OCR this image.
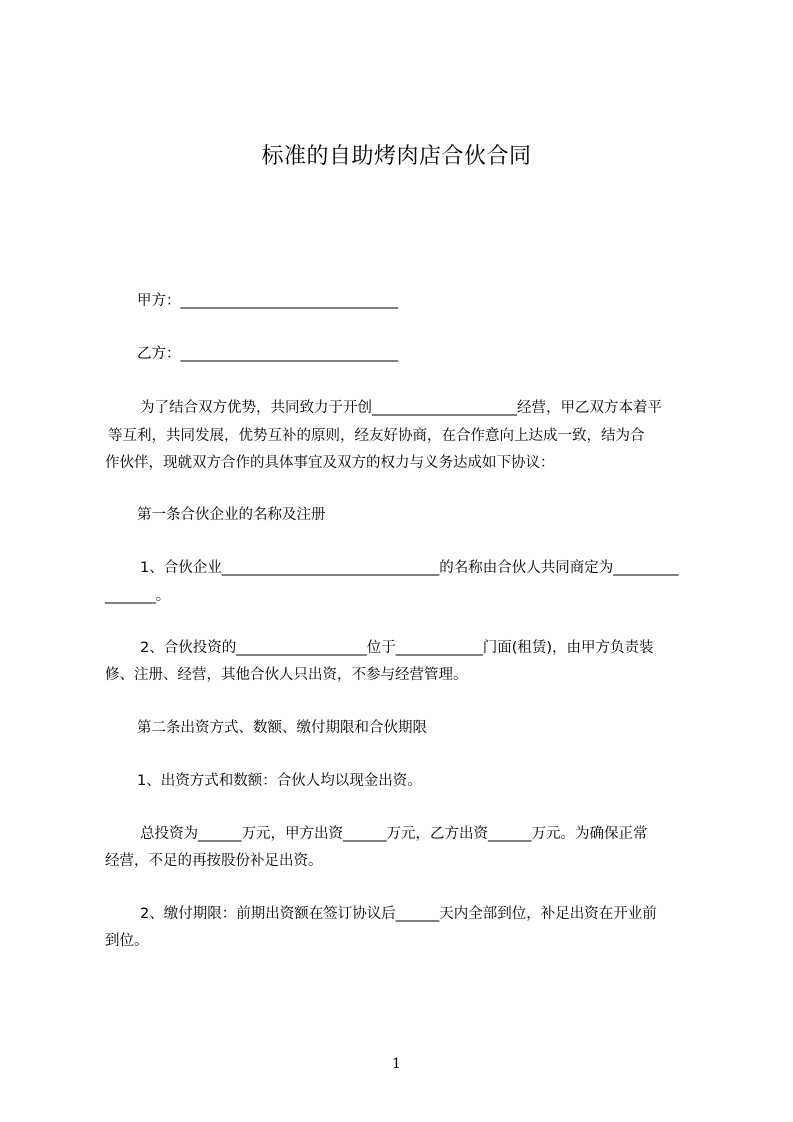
标准的自助烤肉店合伙合同
甲方：______________________________
乙方：______________________________
为了结合双方优势，共同致力于开创____________________经营，甲乙双方本着平
等互利，共同发展，优势互补的原则，经友好协商，在合作意向上达成一致，结为合
作伙伴，现就双方合作的具体事宜及双方的权力与义务达成如下协议：
第一条合伙企业的名称及注册
1、合伙企业______________________________的名称由合伙人共同商定为_________
_______。
2、合伙投资的__________________位于____________门面(租赁)，由甲方负责装
修、注册、经营，其他合伙人只出资，不参与经营管理。
第二条出资方式、数额、缴付期限和合伙期限
1、出资方式和数额：合伙人均以现金出资。
总投资为______万元，甲方出资______万元，乙方出资______万元。为确保正常
经营，不足的再按股份补足出资。
2、缴付期限：前期出资额在签订协议后______天内全部到位，补足出资在开业前
到位。
1
